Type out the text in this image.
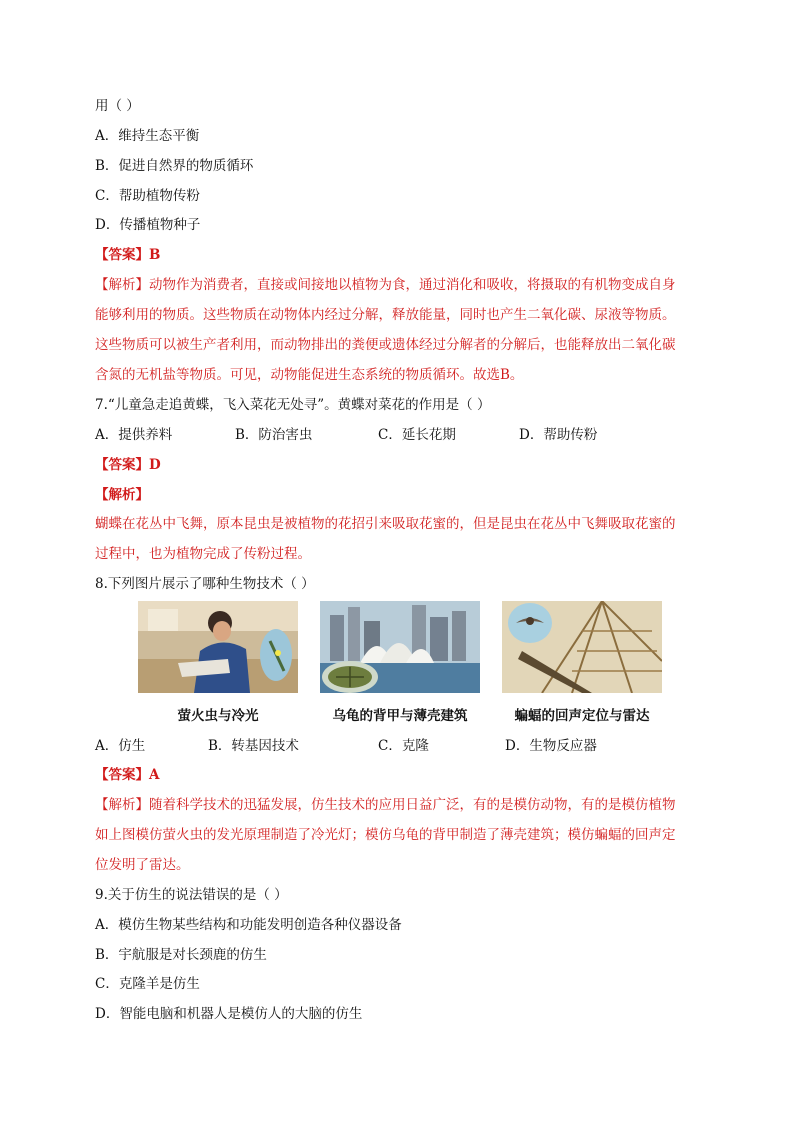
用（ ）
A．维持生态平衡
B．促进自然界的物质循环
C．帮助植物传粉
D．传播植物种子
【答案】B
【解析】动物作为消费者，直接或间接地以植物为食，通过消化和吸收，将摄取的有机物变成自身
能够利用的物质。这些物质在动物体内经过分解，释放能量，同时也产生二氧化碳、尿液等物质。
这些物质可以被生产者利用，而动物排出的粪便或遗体经过分解者的分解后，也能释放出二氧化碳
含氮的无机盐等物质。可见，动物能促进生态系统的物质循环。故选B。
7.“儿童急走追黄蝶，飞入菜花无处寻”。黄蝶对菜花的作用是（ ）
A．提供养料	B．防治害虫	C．延长花期	D．帮助传粉
【答案】D
【解析】
蝴蝶在花丛中飞舞，原本昆虫是被植物的花招引来吸取花蜜的，但是昆虫在花丛中飞舞吸取花蜜的
过程中，也为植物完成了传粉过程。
8.下列图片展示了哪种生物技术（ ）
萤火虫与冷光	乌龟的背甲与薄壳建筑	蝙蝠的回声定位与雷达
A．仿生	B．转基因技术	C．克隆	D．生物反应器
【答案】A
【解析】随着科学技术的迅猛发展，仿生技术的应用日益广泛，有的是模仿动物，有的是模仿植物
如上图模仿萤火虫的发光原理制造了冷光灯；模仿乌龟的背甲制造了薄壳建筑；模仿蝙蝠的回声定
位发明了雷达。
9.关于仿生的说法错误的是（ ）
A．模仿生物某些结构和功能发明创造各种仪器设备
B．宇航服是对长颈鹿的仿生
C．克隆羊是仿生
D．智能电脑和机器人是模仿人的大脑的仿生
